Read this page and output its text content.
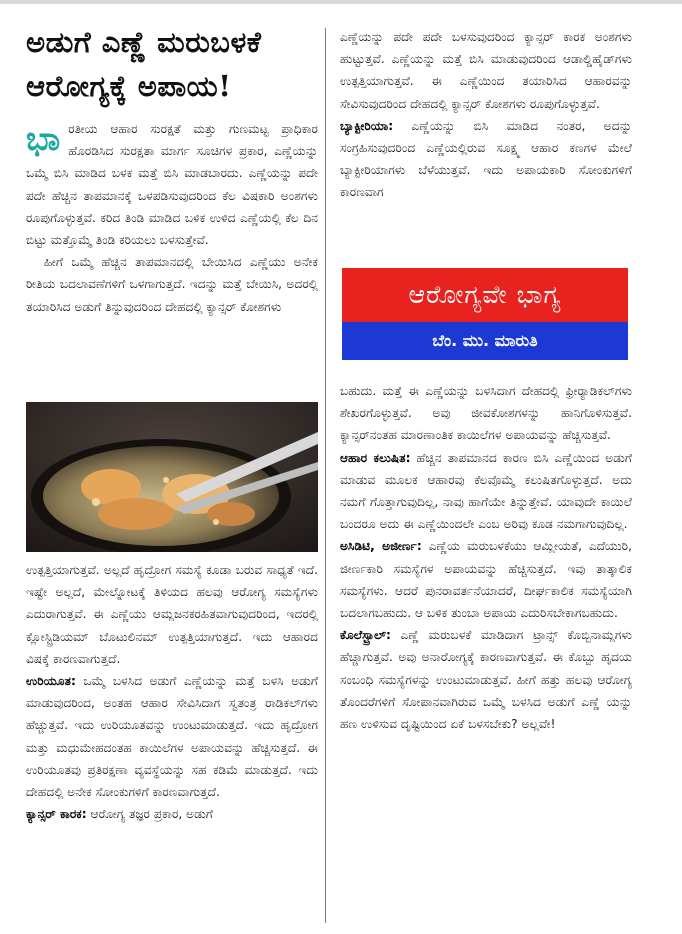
ಅಡುಗೆ ಎಣ್ಣೆ ಮರುಬಳಕೆ
ಆರೋಗ್ಯಕ್ಕೆ ಅಪಾಯ!

ಭಾರತೀಯ ಆಹಾರ ಸುರಕ್ಷತೆ ಮತ್ತು ಗುಣಮಟ್ಟ ಪ್ರಾಧಿಕಾರ ಹೊರಡಿಸಿದ ಸುರಕ್ಷತಾ ಮಾರ್ಗ ಸೂಚಿಗಳ ಪ್ರಕಾರ, ಎಣ್ಣೆಯನ್ನು ಒಮ್ಮೆ ಬಿಸಿ ಮಾಡಿದ ಬಳಕ ಮತ್ತೆ ಬಿಸಿ ಮಾಡಬಾರದು. ಎಣ್ಣೆಯನ್ನು ಪದೇ ಪದೇ ಹೆಚ್ಚಿನ ತಾಪಮಾನಕ್ಕೆ ಒಳಪಡಿಸುವುದರಿಂದ ಕೆಲ ವಿಷಕಾರಿ ಅಂಶಗಳು ರೂಪುಗೊಳ್ಳುತ್ತವೆ. ಕರಿದ ತಿಂಡಿ ಮಾಡಿದ ಬಳಿಕ ಉಳಿದ ಎಣ್ಣೆಯಲ್ಲಿ ಕೆಲ ದಿನ ಬಿಟ್ಟು ಮತ್ತೊಮ್ಮೆ ತಿಂಡಿ ಕರಿಯಲು ಬಳಸುತ್ತೇವೆ.

ಹೀಗೆ ಒಮ್ಮೆ ಹೆಚ್ಚಿನ ತಾಪಮಾನದಲ್ಲಿ ಬೇಯಿಸಿದ ಎಣ್ಣೆಯು ಅನೇಕ ರೀತಿಯ ಬದಲಾವಣೆಗಳಿಗೆ ಒಳಗಾಗುತ್ತದೆ. ಇದನ್ನು ಮತ್ತೆ ಬೇಯಿಸಿ, ಅದರಲ್ಲಿ ತಯಾರಿಸಿದ ಅಡುಗೆ ತಿನ್ನುವುದರಿಂದ ದೇಹದಲ್ಲಿ ಕ್ಯಾನ್ಸರ್ ಕೋಶಗಳು

ಉತ್ಪತ್ತಿಯಾಗುತ್ತವೆ. ಅಲ್ಲದೆ ಹೃದ್ರೋಗ ಸಮಸ್ಯೆ ಕೂಡಾ ಬರುವ ಸಾಧ್ಯತೆ ಇದೆ. ಇಷ್ಟೇ ಅಲ್ಲದೆ, ಮೇಲ್ನೋಟಕ್ಕೆ ತಿಳಿಯದ ಹಲವು ಆರೋಗ್ಯ ಸಮಸ್ಯೆಗಳು ಎದುರಾಗುತ್ತವೆ. ಈ ಎಣ್ಣೆಯು ಆಮ್ಲಜನಕರಹಿತವಾಗುವುದರಿಂದ, ಇದರಲ್ಲಿ ಕ್ಲೋಸ್ಟ್ರಿಡಿಯಮ್ ಬೊಟುಲಿನಮ್ ಉತ್ಪತ್ತಿಯಾಗುತ್ತದೆ. ಇದು ಆಹಾರದ ವಿಷಕ್ಕೆ ಕಾರಣವಾಗುತ್ತದೆ.

ಉರಿಯೂತ: ಒಮ್ಮೆ ಬಳಸಿದ ಅಡುಗೆ ಎಣ್ಣೆಯನ್ನು ಮತ್ತೆ ಬಳಸಿ ಅಡುಗೆ ಮಾಡುವುದರಿಂದ, ಅಂತಹ ಆಹಾರ ಸೇವಿಸಿದಾಗ ಸ್ವತಂತ್ರ ರಾಡಿಕಲ್‌ಗಳು ಹೆಚ್ಚುತ್ತವೆ. ಇದು ಉರಿಯೂತವನ್ನು ಉಂಟುಮಾಡುತ್ತದೆ. ಇದು ಹೃದ್ರೋಗ ಮತ್ತು ಮಧುಮೇಹದಂತಹ ಕಾಯಿಲೆಗಳ ಅಪಾಯವನ್ನು ಹೆಚ್ಚಿಸುತ್ತದೆ. ಈ ಉರಿಯೂತವು ಪ್ರತಿರಕ್ಷಣಾ ವ್ಯವಸ್ಥೆಯನ್ನು ಸಹ ಕಡಿಮೆ ಮಾಡುತ್ತದೆ. ಇದು ದೇಹದಲ್ಲಿ ಅನೇಕ ಸೋಂಕುಗಳಿಗೆ ಕಾರಣವಾಗುತ್ತದೆ.

ಕ್ಯಾನ್ಸರ್ ಕಾರಕ: ಆರೋಗ್ಯ ತಜ್ಞರ ಪ್ರಕಾರ, ಅಡುಗೆ

ಎಣ್ಣೆಯನ್ನು ಪದೇ ಪದೇ ಬಳಸುವುದರಿಂದ ಕ್ಯಾನ್ಸರ್ ಕಾರಕ ಅಂಶಗಳು ಹುಟ್ಟುತ್ತವೆ. ಎಣ್ಣೆಯನ್ನು ಮತ್ತೆ ಬಿಸಿ ಮಾಡುವುದರಿಂದ ಆಡಾಲ್ಡಿಹೈಡ್‌ಗಳು ಉತ್ಪತ್ತಿಯಾಗುತ್ತವೆ. ಈ ಎಣ್ಣೆಯಿಂದ ತಯಾರಿಸಿದ ಆಹಾರವನ್ನು ಸೇವಿಸುವುದರಿಂದ ದೇಹದಲ್ಲಿ ಕ್ಯಾನ್ಸರ್ ಕೋಶಗಳು ರೂಪುಗೊಳ್ಳುತ್ತವೆ.

ಬ್ಯಾಕ್ಟೀರಿಯಾ: ಎಣ್ಣೆಯನ್ನು ಬಿಸಿ ಮಾಡಿದ ನಂತರ, ಅದನ್ನು ಸಂಗ್ರಹಿಸುವುದರಿಂದ ಎಣ್ಣೆಯಲ್ಲಿರುವ ಸೂಕ್ಷ್ಮ ಆಹಾರ ಕಣಗಳ ಮೇಲೆ ಬ್ಯಾಕ್ಟೀರಿಯಾಗಳು ಬೆಳೆಯುತ್ತವೆ. ಇದು ಅಪಾಯಕಾರಿ ಸೋಂಕುಗಳಿಗೆ ಕಾರಣವಾಗ

ಆರೋಗ್ಯವೇ ಭಾಗ್ಯ
ಬೆಂ. ಮು. ಮಾರುತಿ

ಬಹುದು. ಮತ್ತೆ ಈ ಎಣ್ಣೆಯನ್ನು ಬಳಸಿದಾಗ ದೇಹದಲ್ಲಿ ಫ್ರೀರ್‍ಯಾಡಿಕಲ್‌ಗಳು ಶೇಖರಗೊಳ್ಳುತ್ತವೆ. ಅವು ಜೀವಕೋಶಗಳನ್ನು ಹಾನಿಗೊಳಿಸುತ್ತವೆ. ಕ್ಯಾನ್ಸರ್‌ನಂತಹ ಮಾರಣಾಂತಿಕ ಕಾಯಿಲೆಗಳ ಅಪಾಯವನ್ನು ಹೆಚ್ಚಿಸುತ್ತವೆ.

ಆಹಾರ ಕಲುಷಿತ: ಹೆಚ್ಚಿನ ತಾಪಮಾನದ ಕಾರಣ ಬಿಸಿ ಎಣ್ಣೆಯಿಂದ ಅಡುಗೆ ಮಾಡುವ ಮೂಲಕ ಆಹಾರವು ಕೆಲವೊಮ್ಮೆ ಕಲುಷಿತಗೊಳ್ಳುತ್ತದೆ. ಅದು ನಮಗೆ ಗೊತ್ತಾಗುವುದಿಲ್ಲ, ನಾವು ಹಾಗೆಯೇ ತಿನ್ನುತ್ತೇವೆ. ಯಾವುದೇ ಕಾಯಿಲೆ ಬಂದರೂ ಅದು ಈ ಎಣ್ಣೆಯಿಂದಲೇ ಎಂಬ ಅರಿವು ಕೂಡ ನಮಗಾಗುವುದಿಲ್ಲ.

ಅಸಿಡಿಟಿ, ಅಜೀರ್ಣ: ಎಣ್ಣೆಯ ಮರುಬಳಕೆಯು ಆಮ್ಲೀಯತೆ, ಎದೆಯುರಿ, ಜೀರ್ಣಕಾರಿ ಸಮಸ್ಯೆಗಳ ಅಪಾಯವನ್ನು ಹೆಚ್ಚಿಸುತ್ತದೆ. ಇವು ತಾತ್ಕಾಲಿಕ ಸಮಸ್ಯೆಗಳು. ಆದರೆ ಪುನರಾವರ್ತನೆಯಾದರೆ, ದೀರ್ಘಕಾಲಿಕ ಸಮಸ್ಯೆಯಾಗಿ ಬದಲಾಗಬಹುದು. ಆ ಬಳಿಕ ತುಂಬಾ ಅಪಾಯ ಎದುರಿಸಬೇಕಾಗಬಹುದು.

ಕೊಲೆಸ್ಟ್ರಾಲ್: ಎಣ್ಣೆ ಮರುಬಳಕೆ ಮಾಡಿದಾಗ ಟ್ರಾನ್ಸ್ ಕೊಬ್ಬಿನಾಮ್ಲಗಳು ಹೆಚ್ಚಾಗುತ್ತವೆ. ಅವು ಅನಾರೋಗ್ಯಕ್ಕೆ ಕಾರಣವಾಗುತ್ತವೆ. ಈ ಕೊಬ್ಬು ಹೃದಯ ಸಂಬಂಧಿ ಸಮಸ್ಯೆಗಳನ್ನು ಉಂಟುಮಾಡುತ್ತವೆ. ಹೀಗೆ ಹತ್ತು ಹಲವು ಆರೋಗ್ಯ ತೊಂದರೆಗಳಿಗೆ ಸೋಪಾನವಾಗಿರುವ ಒಮ್ಮೆ ಬಳಸಿದ ಅಡುಗೆ ಎಣ್ಣೆ ಯನ್ನು ಹಣ ಉಳಿಸುವ ದೃಷ್ಟಿಯಿಂದ ಏಕೆ ಬಳಸಬೇಕು? ಅಲ್ಲವೇ!
